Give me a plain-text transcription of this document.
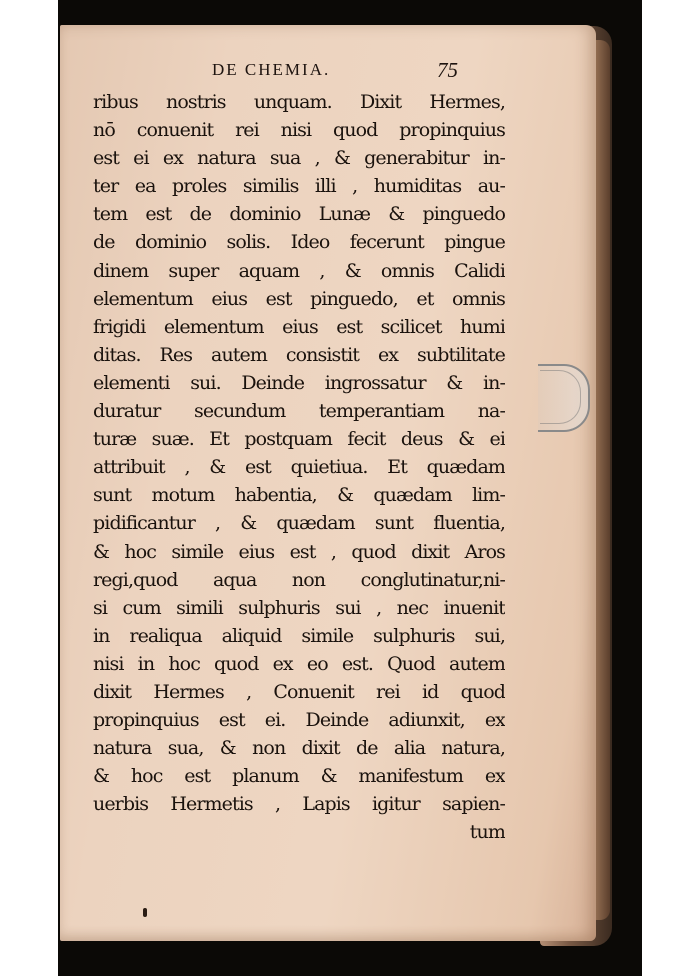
DE CHEMIA.	75
ribus nostris unquam. Dixit Hermes,
nō conuenit rei nisi quod propinquius
est ei ex natura sua , & generabitur in-
ter ea proles similis illi , humiditas au-
tem est de dominio Lunæ & pinguedo
de dominio solis. Ideo fecerunt pingue
dinem super aquam , & omnis Calidi
elementum eius est pinguedo, et omnis
frigidi elementum eius est scilicet humi
ditas. Res autem consistit ex subtilitate
elementi sui. Deinde ingrossatur & in-
duratur secundum temperantiam na-
turæ suæ. Et postquam fecit deus & ei
attribuit , & est quietiua. Et quædam
sunt motum habentia, & quædam lim-
pidificantur , & quædam sunt fluentia,
& hoc simile eius est , quod dixit Aros
regi,quod aqua non conglutinatur,ni-
si cum simili sulphuris sui , nec inuenit
in realiqua aliquid simile sulphuris sui,
nisi in hoc quod ex eo est. Quod autem
dixit Hermes , Conuenit rei id quod
propinquius est ei. Deinde adiunxit, ex
natura sua, & non dixit de alia natura,
& hoc est planum & manifestum ex
uerbis Hermetis , Lapis igitur sapien-
tum
